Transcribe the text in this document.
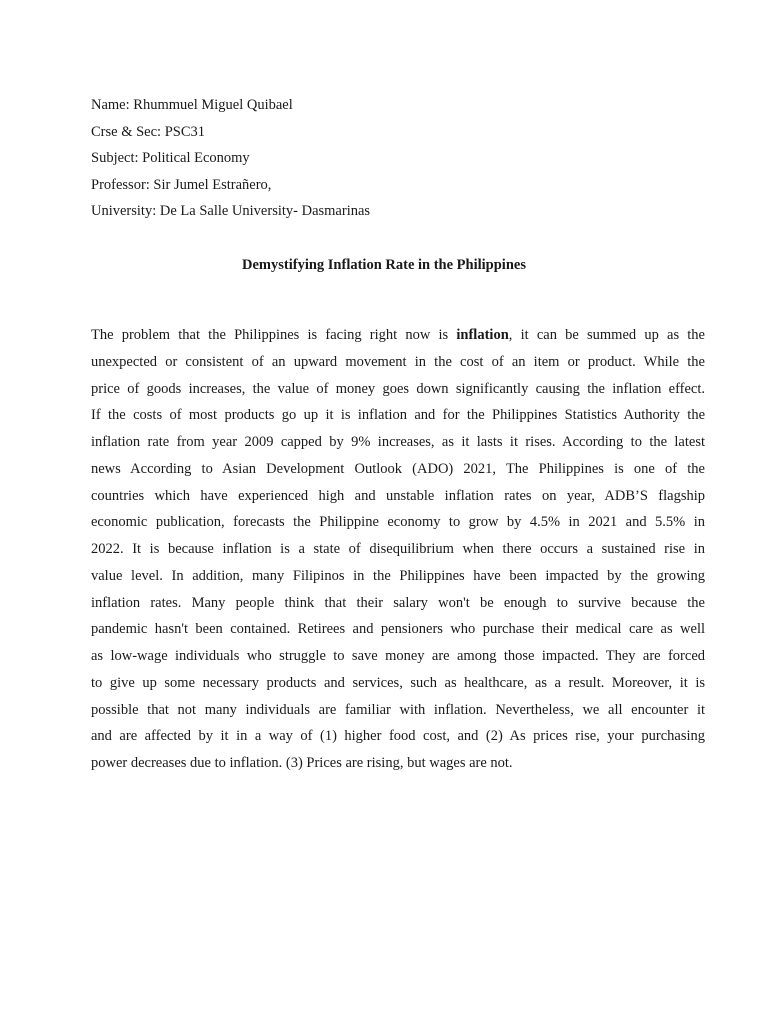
Name: Rhummuel Miguel Quibael
Crse & Sec: PSC31
Subject: Political Economy
Professor: Sir Jumel Estrañero,
University: De La Salle University- Dasmarinas
Demystifying Inflation Rate in the Philippines
The problem that the Philippines is facing right now is inflation, it can be summed up as the
unexpected or consistent of an upward movement in the cost of an item or product. While the
price of goods increases, the value of money goes down significantly causing the inflation effect.
If the costs of most products go up it is inflation and for the Philippines Statistics Authority the
inflation rate from year 2009 capped by 9% increases, as it lasts it rises. According to the latest
news According to Asian Development Outlook (ADO) 2021, The Philippines is one of the
countries which have experienced high and unstable inflation rates on year, ADB’S flagship
economic publication, forecasts the Philippine economy to grow by 4.5% in 2021 and 5.5% in
2022. It is because inflation is a state of disequilibrium when there occurs a sustained rise in
value level. In addition, many Filipinos in the Philippines have been impacted by the growing
inflation rates. Many people think that their salary won't be enough to survive because the
pandemic hasn't been contained. Retirees and pensioners who purchase their medical care as well
as low-wage individuals who struggle to save money are among those impacted. They are forced
to give up some necessary products and services, such as healthcare, as a result. Moreover, it is
possible that not many individuals are familiar with inflation. Nevertheless, we all encounter it
and are affected by it in a way of (1) higher food cost, and (2) As prices rise, your purchasing
power decreases due to inflation. (3) Prices are rising, but wages are not.
